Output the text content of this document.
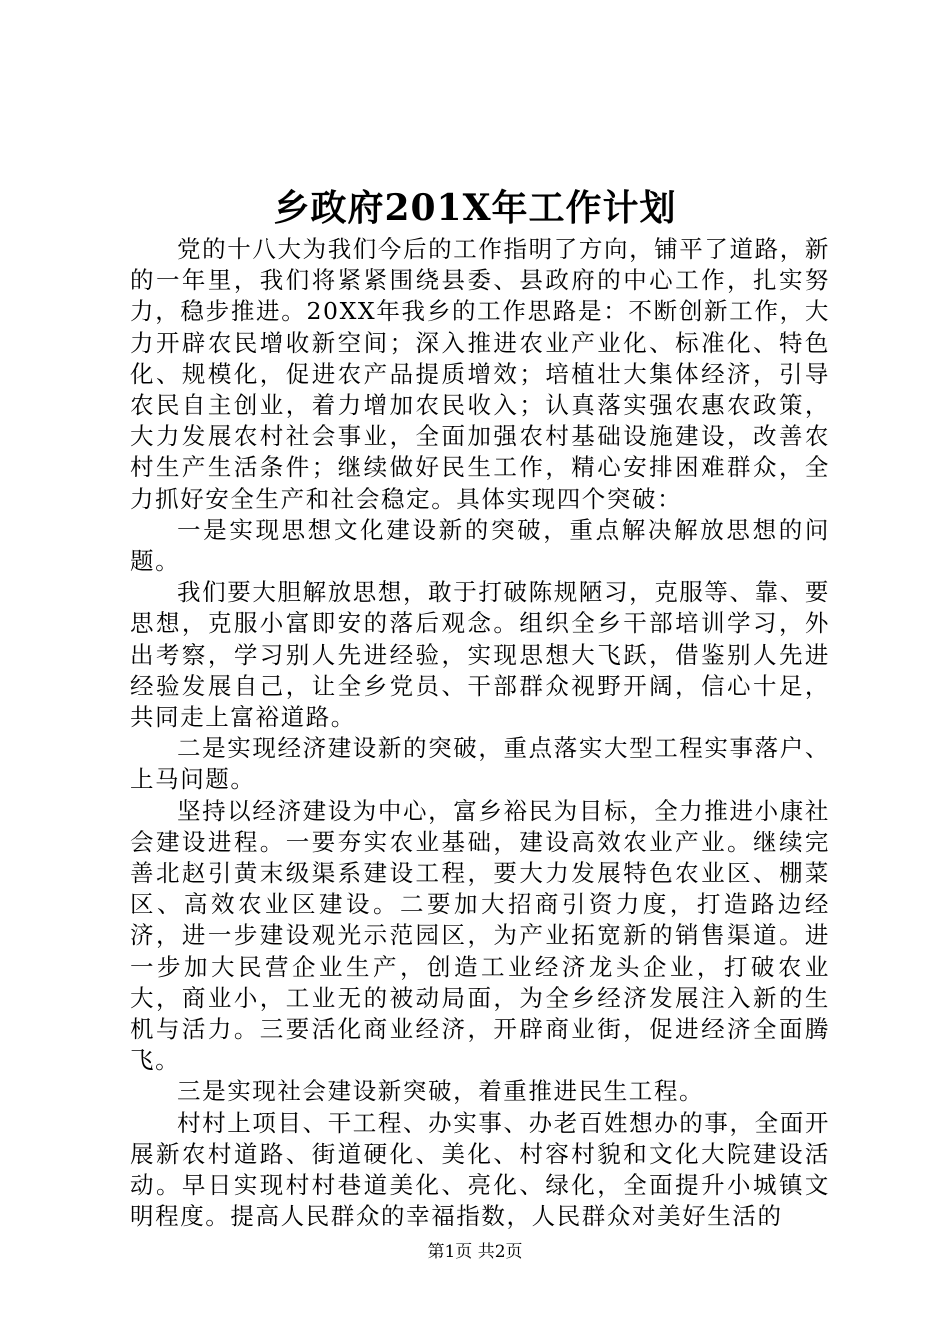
乡政府201X年工作计划

党的十八大为我们今后的工作指明了方向，铺平了道路，新的一年里，我们将紧紧围绕县委、县政府的中心工作，扎实努力，稳步推进。20XX年我乡的工作思路是：不断创新工作，大力开辟农民增收新空间；深入推进农业产业化、标准化、特色化、规模化，促进农产品提质增效；培植壮大集体经济，引导农民自主创业，着力增加农民收入；认真落实强农惠农政策，大力发展农村社会事业，全面加强农村基础设施建设，改善农村生产生活条件；继续做好民生工作，精心安排困难群众，全力抓好安全生产和社会稳定。具体实现四个突破：

一是实现思想文化建设新的突破，重点解决解放思想的问题。

我们要大胆解放思想，敢于打破陈规陋习，克服等、靠、要思想，克服小富即安的落后观念。组织全乡干部培训学习，外出考察，学习别人先进经验，实现思想大飞跃，借鉴别人先进经验发展自己，让全乡党员、干部群众视野开阔，信心十足，共同走上富裕道路。

二是实现经济建设新的突破，重点落实大型工程实事落户、上马问题。

坚持以经济建设为中心，富乡裕民为目标，全力推进小康社会建设进程。一要夯实农业基础，建设高效农业产业。继续完善北赵引黄末级渠系建设工程，要大力发展特色农业区、棚菜区、高效农业区建设。二要加大招商引资力度，打造路边经济，进一步建设观光示范园区，为产业拓宽新的销售渠道。进一步加大民营企业生产，创造工业经济龙头企业，打破农业大，商业小，工业无的被动局面，为全乡经济发展注入新的生机与活力。三要活化商业经济，开辟商业街，促进经济全面腾飞。

三是实现社会建设新突破，着重推进民生工程。

村村上项目、干工程、办实事、办老百姓想办的事，全面开展新农村道路、街道硬化、美化、村容村貌和文化大院建设活动。早日实现村村巷道美化、亮化、绿化，全面提升小城镇文明程度。提高人民群众的幸福指数，人民群众对美好生活的

第1页 共2页
